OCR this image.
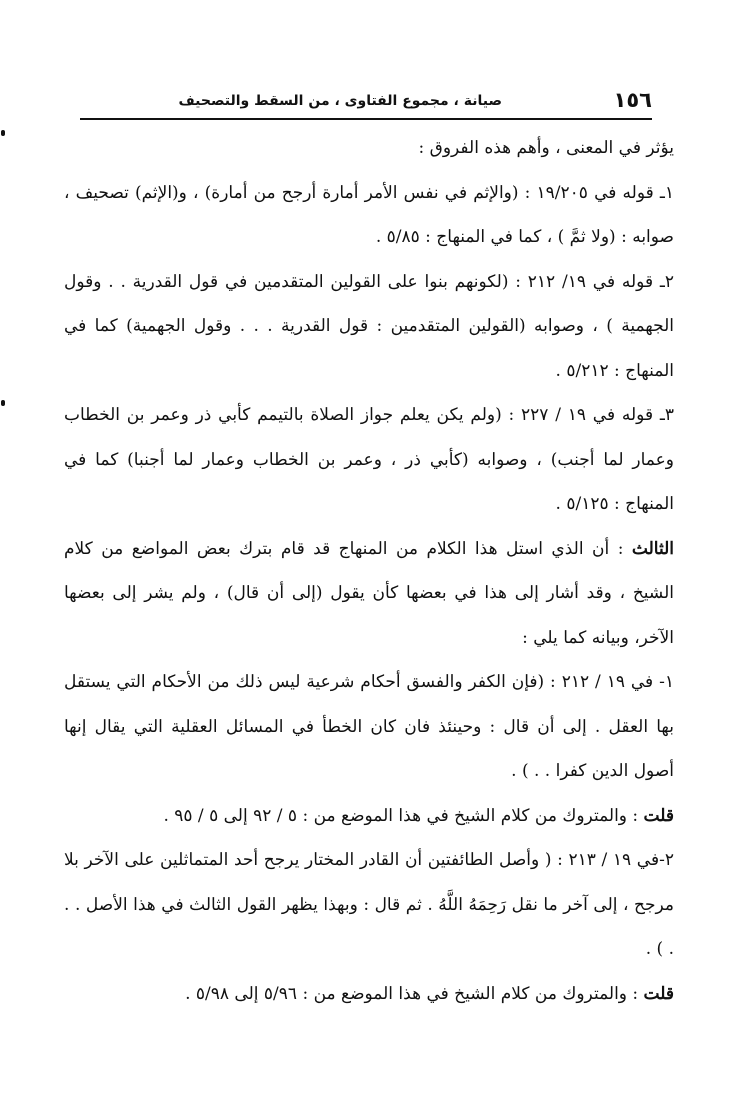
١٥٦
صيانة ، مجموع الفتاوى ، من السقط والتصحيف

يؤثر في المعنى ، وأهم هذه الفروق :

١ـ قوله في ١٩/٢٠٥ : (والإثم في نفس الأمر أمارة أرجح من أمارة) ، و(الإثم) تصحيف ، صوابه : (ولا ثمَّ ) ، كما في المنهاج : ٥/٨٥ .

٢ـ قوله في ١٩/ ٢١٢ : (لكونهم بنوا على القولين المتقدمين في قول القدرية . . وقول الجهمية ) ، وصوابه (القولين المتقدمين : قول القدرية . . . وقول الجهمية) كما في المنهاج : ٥/٢١٢ .

٣ـ قوله في ١٩ / ٢٢٧ : (ولم يكن يعلم جواز الصلاة بالتيمم كأبي ذر وعمر بن الخطاب وعمار لما أجنب) ، وصوابه (كأبي ذر ، وعمر بن الخطاب وعمار لما أجنبا) كما في المنهاج : ٥/١٢٥ .

الثالث : أن الذي استل هذا الكلام من المنهاج قد قام بترك بعض المواضع من كلام الشيخ ، وقد أشار إلى هذا في بعضها كأن يقول (إلى أن قال) ، ولم يشر إلى بعضها الآخر، وبيانه كما يلي :

١- في ١٩ / ٢١٢ : (فإن الكفر والفسق أحكام شرعية ليس ذلك من الأحكام التي يستقل بها العقل . إلى أن قال : وحينئذ فان كان الخطأ في المسائل العقلية التي يقال إنها أصول الدين كفرا . . ) .

قلت : والمتروك من كلام الشيخ في هذا الموضع من : ٥ / ٩٢ إلى ٥ / ٩٥ .

٢-في ١٩ / ٢١٣ : ( وأصل الطائفتين أن القادر المختار يرجح أحد المتماثلين على الآخر بلا مرجح ، إلى آخر ما نقل رَحِمَهُ اللَّهُ . ثم قال : وبهذا يظهر القول الثالث في هذا الأصل . . . ) .

قلت : والمتروك من كلام الشيخ في هذا الموضع من : ٥/٩٦ إلى ٥/٩٨ .
